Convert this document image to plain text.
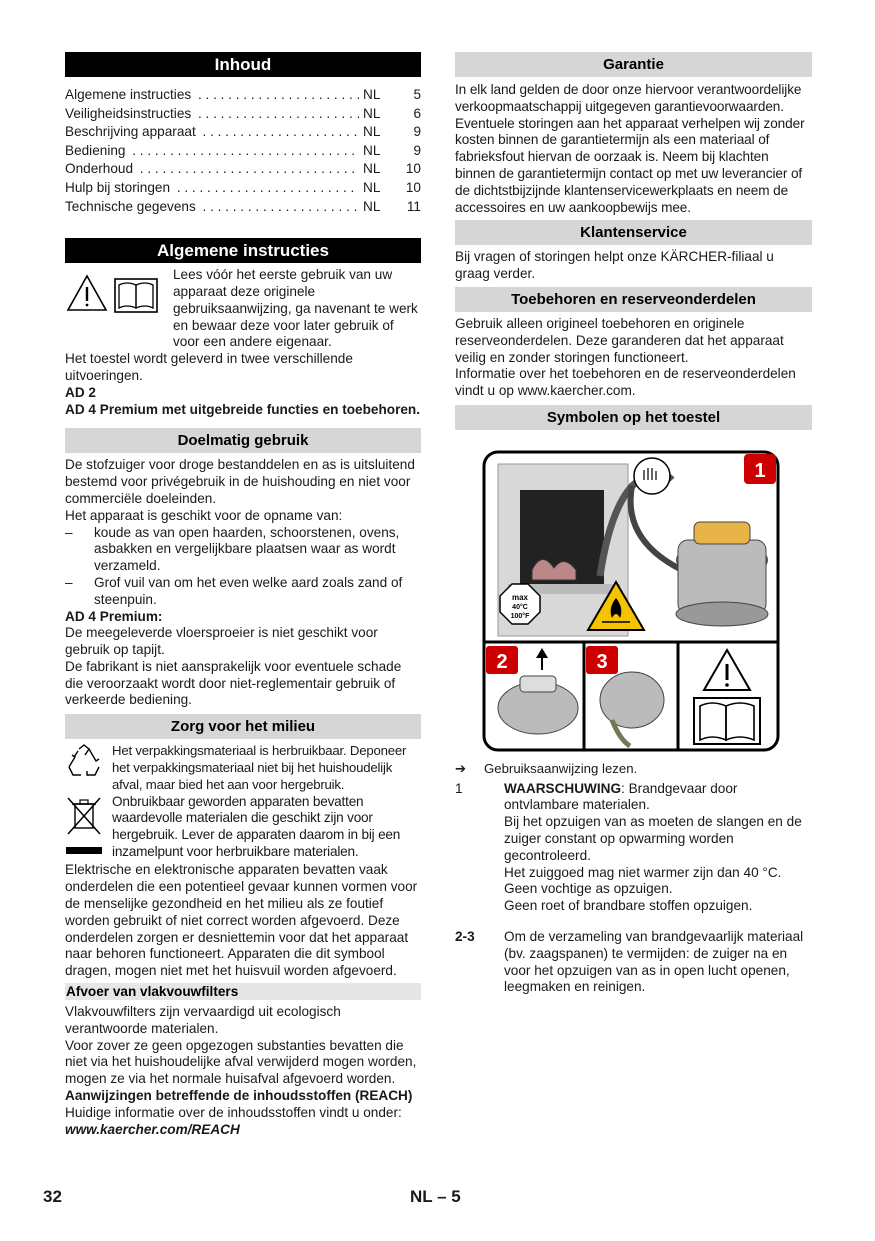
Inhoud
Algemene instructies . . .	NL	5
Veiligheidsinstructies . . .	NL	6
Beschrijving apparaat . . .	NL	9
Bediening . . .	NL	9
Onderhoud . . .	NL	10
Hulp bij storingen . . .	NL	10
Technische gegevens . . .	NL	11
Algemene instructies

Lees vóór het eerste gebruik van uw apparaat deze originele gebruiksaanwijzing, ga navenant te werk en bewaar deze voor later gebruik of voor een andere eigenaar.

Het toestel wordt geleverd in twee verschillende uitvoeringen.

AD 2

AD 4 Premium met uitgebreide functies en toebehoren.

Doelmatig gebruik

De stofzuiger voor droge bestanddelen en as is uitsluitend bestemd voor privégebruik in de huishouding en niet voor commerciële doeleinden.

Het apparaat is geschikt voor de opname van:

–	koude as van open haarden, schoorstenen, ovens, asbakken en vergelijkbare plaatsen waar as wordt verzameld.
–	Grof vuil van om het even welke aard zoals zand of steenpuin.

AD 4 Premium:

De meegeleverde vloersproeier is niet geschikt voor gebruik op tapijt.

De fabrikant is niet aansprakelijk voor eventuele schade die veroorzaakt wordt door niet-reglementair gebruik of verkeerde bediening.

Zorg voor het milieu

Het verpakkingsmateriaal is herbruikbaar. Deponeer het verpakkingsmateriaal niet bij het huishoudelijk afval, maar bied het aan voor hergebruik.

Onbruikbaar geworden apparaten bevatten waardevolle materialen die geschikt zijn voor hergebruik. Lever de apparaten daarom in bij een inzamelpunt voor herbruikbare materialen.

Elektrische en elektronische apparaten bevatten vaak onderdelen die een potentieel gevaar kunnen vormen voor de menselijke gezondheid en het milieu als ze foutief worden gebruikt of niet correct worden afgevoerd. Deze onderdelen zorgen er desniettemin voor dat het apparaat naar behoren functioneert. Apparaten die dit symbool dragen, mogen niet met het huisvuil worden afgevoerd.

Afvoer van vlakvouwfilters

Vlakvouwfilters zijn vervaardigd uit ecologisch verantwoorde materialen.

Voor zover ze geen opgezogen substanties bevatten die niet via het huishoudelijke afval verwijderd mogen worden, mogen ze via het normale huisafval afgevoerd worden.

Aanwijzingen betreffende de inhoudsstoffen (REACH)

Huidige informatie over de inhoudsstoffen vindt u onder:

www.kaercher.com/REACH

Garantie

In elk land gelden de door onze hiervoor verantwoordelijke verkoopmaatschappij uitgegeven garantievoorwaarden. Eventuele storingen aan het apparaat verhelpen wij zonder kosten binnen de garantietermijn als een materiaal of fabrieksfout hiervan de oorzaak is. Neem bij klachten binnen de garantietermijn contact op met uw leverancier of de dichtstbijzijnde klantenservicewerkplaats en neem de accessoires en uw aankoopbewijs mee.

Klantenservice

Bij vragen of storingen helpt onze KÄRCHER-filiaal u graag verder.

Toebehoren en reserveonderdelen

Gebruik alleen origineel toebehoren en originele reserveonderdelen. Deze garanderen dat het apparaat veilig en zonder storingen functioneert.

Informatie over het toebehoren en de reserveonderdelen vindt u op www.kaercher.com.

Symbolen op het toestel
1
max
40°C
100°F
2	3
➔	Gebruiksaanwijzing lezen.
1	WAARSCHUWING: Brandgevaar door ontvlambare materialen.

Bij het opzuigen van as moeten de slangen en de zuiger constant op opwarming worden gecontroleerd.

Het zuiggoed mag niet warmer zijn dan 40 °C.

Geen vochtige as opzuigen.

Geen roet of brandbare stoffen opzuigen.

2-3	Om de verzameling van brandgevaarlijk materiaal (bv. zaagspanen) te vermijden: de zuiger na en voor het opzuigen van as in open lucht openen, leegmaken en reinigen.

32	NL – 5
